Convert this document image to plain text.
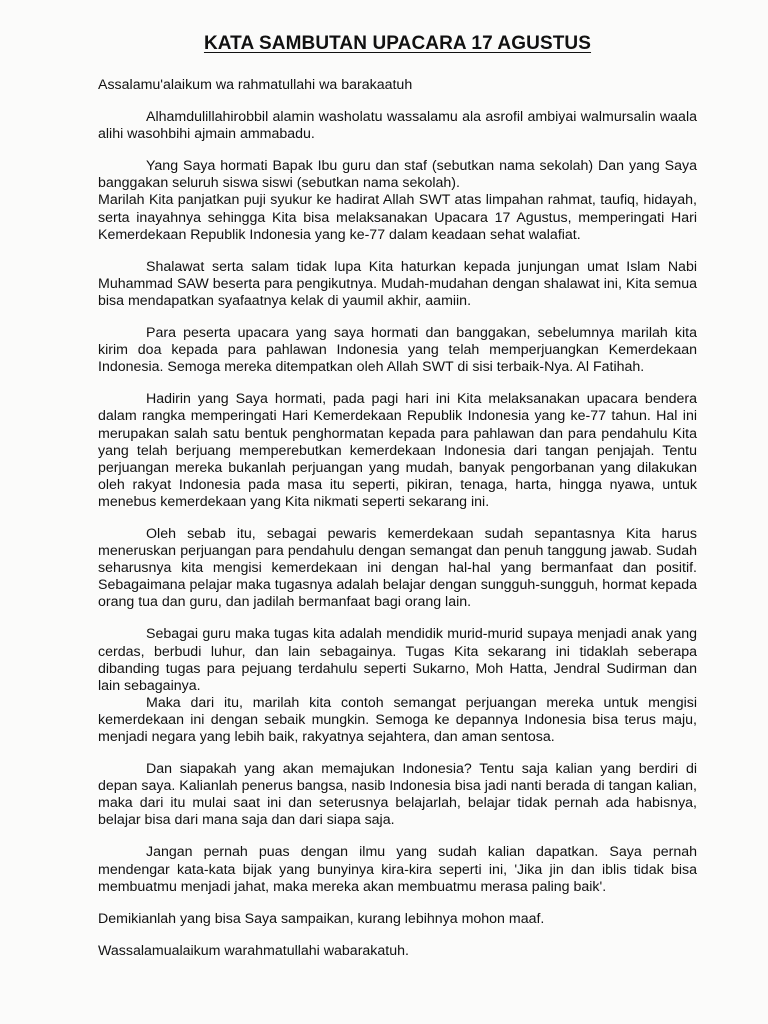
KATA SAMBUTAN UPACARA 17 AGUSTUS

Assalamu'alaikum wa rahmatullahi wa barakaatuh

Alhamdulillahirobbil alamin washolatu wassalamu ala asrofil ambiyai walmursalin waala alihi wasohbihi ajmain ammabadu.

Yang Saya hormati Bapak Ibu guru dan staf (sebutkan nama sekolah) Dan yang Saya banggakan seluruh siswa siswi (sebutkan nama sekolah).

Marilah Kita panjatkan puji syukur ke hadirat Allah SWT atas limpahan rahmat, taufiq, hidayah, serta inayahnya sehingga Kita bisa melaksanakan Upacara 17 Agustus, memperingati Hari Kemerdekaan Republik Indonesia yang ke-77 dalam keadaan sehat walafiat.

Shalawat serta salam tidak lupa Kita haturkan kepada junjungan umat Islam Nabi Muhammad SAW beserta para pengikutnya. Mudah-mudahan dengan shalawat ini, Kita semua bisa mendapatkan syafaatnya kelak di yaumil akhir, aamiin.

Para peserta upacara yang saya hormati dan banggakan, sebelumnya marilah kita kirim doa kepada para pahlawan Indonesia yang telah memperjuangkan Kemerdekaan Indonesia. Semoga mereka ditempatkan oleh Allah SWT di sisi terbaik-Nya. Al Fatihah.

Hadirin yang Saya hormati, pada pagi hari ini Kita melaksanakan upacara bendera dalam rangka memperingati Hari Kemerdekaan Republik Indonesia yang ke-77 tahun. Hal ini merupakan salah satu bentuk penghormatan kepada para pahlawan dan para pendahulu Kita yang telah berjuang memperebutkan kemerdekaan Indonesia dari tangan penjajah. Tentu perjuangan mereka bukanlah perjuangan yang mudah, banyak pengorbanan yang dilakukan oleh rakyat Indonesia pada masa itu seperti, pikiran, tenaga, harta, hingga nyawa, untuk menebus kemerdekaan yang Kita nikmati seperti sekarang ini.

Oleh sebab itu, sebagai pewaris kemerdekaan sudah sepantasnya Kita harus meneruskan perjuangan para pendahulu dengan semangat dan penuh tanggung jawab. Sudah seharusnya kita mengisi kemerdekaan ini dengan hal-hal yang bermanfaat dan positif. Sebagaimana pelajar maka tugasnya adalah belajar dengan sungguh-sungguh, hormat kepada orang tua dan guru, dan jadilah bermanfaat bagi orang lain.

Sebagai guru maka tugas kita adalah mendidik murid-murid supaya menjadi anak yang cerdas, berbudi luhur, dan lain sebagainya. Tugas Kita sekarang ini tidaklah seberapa dibanding tugas para pejuang terdahulu seperti Sukarno, Moh Hatta, Jendral Sudirman dan lain sebagainya.

Maka dari itu, marilah kita contoh semangat perjuangan mereka untuk mengisi kemerdekaan ini dengan sebaik mungkin. Semoga ke depannya Indonesia bisa terus maju, menjadi negara yang lebih baik, rakyatnya sejahtera, dan aman sentosa.

Dan siapakah yang akan memajukan Indonesia? Tentu saja kalian yang berdiri di depan saya. Kalianlah penerus bangsa, nasib Indonesia bisa jadi nanti berada di tangan kalian, maka dari itu mulai saat ini dan seterusnya belajarlah, belajar tidak pernah ada habisnya, belajar bisa dari mana saja dan dari siapa saja.

Jangan pernah puas dengan ilmu yang sudah kalian dapatkan. Saya pernah mendengar kata-kata bijak yang bunyinya kira-kira seperti ini, 'Jika jin dan iblis tidak bisa membuatmu menjadi jahat, maka mereka akan membuatmu merasa paling baik'.

Demikianlah yang bisa Saya sampaikan, kurang lebihnya mohon maaf.

Wassalamualaikum warahmatullahi wabarakatuh.
